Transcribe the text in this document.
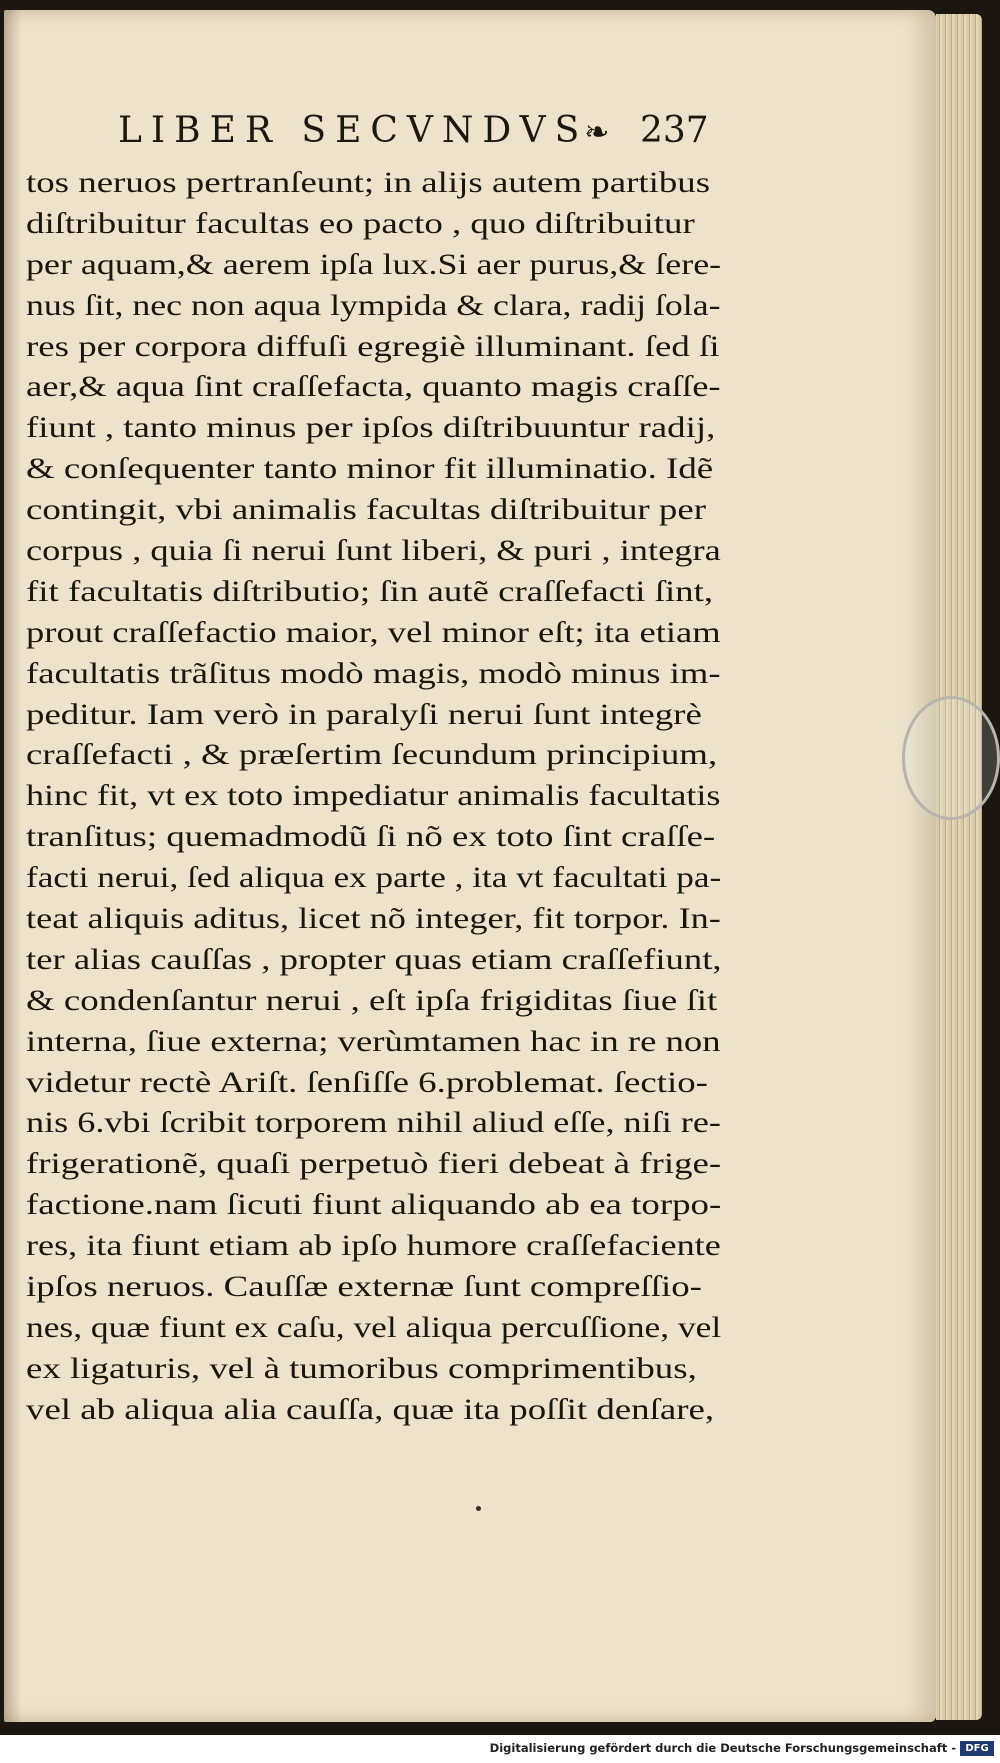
LIBER SECVNDVS❧ 237
tos neruos pertranſeunt; in alijs autem partibus
diſtribuitur facultas eo pacto , quo diſtribuitur
per aquam,& aerem ipſa lux.Si aer purus,& ſere-
nus ſit, nec non aqua lympida & clara, radij ſola-
res per corpora diffuſi egregiè illuminant. ſed ſi
aer,& aqua ſint craſſefacta, quanto magis craſſe-
fiunt , tanto minus per ipſos diſtribuuntur radij,
& conſequenter tanto minor fit illuminatio. Idẽ
contingit, vbi animalis facultas diſtribuitur per
corpus , quia ſi nerui ſunt liberi, & puri , integra
fit facultatis diſtributio; ſin autẽ craſſefacti ſint,
prout craſſefactio maior, vel minor eſt; ita etiam
facultatis trãſitus modò magis, modò minus im-
peditur. Iam verò in paralyſi nerui ſunt integrè
craſſefacti , & præſertim ſecundum principium,
hinc fit, vt ex toto impediatur animalis facultatis
tranſitus; quemadmodũ ſi nõ ex toto ſint craſſe-
facti nerui, ſed aliqua ex parte , ita vt facultati pa-
teat aliquis aditus, licet nõ integer, fit torpor. In-
ter alias cauſſas , propter quas etiam craſſefiunt,
& condenſantur nerui , eſt ipſa frigiditas ſiue ſit
interna, ſiue externa; verùmtamen hac in re non
videtur rectè Ariſt. ſenſiſſe 6.problemat. ſectio-
nis 6.vbi ſcribit torporem nihil aliud eſſe, niſi re-
frigerationẽ, quaſi perpetuò fieri debeat à frige-
factione.nam ſicuti fiunt aliquando ab ea torpo-
res, ita fiunt etiam ab ipſo humore craſſefaciente
ipſos neruos. Cauſſæ externæ ſunt compreſſio-
nes, quæ fiunt ex caſu, vel aliqua percuſſione, vel
ex ligaturis, vel à tumoribus comprimentibus,
vel ab aliqua alia cauſſa, quæ ita poſſit denſare,
Digitalisierung gefördert durch die Deutsche Forschungsgemeinschaft - DFG
